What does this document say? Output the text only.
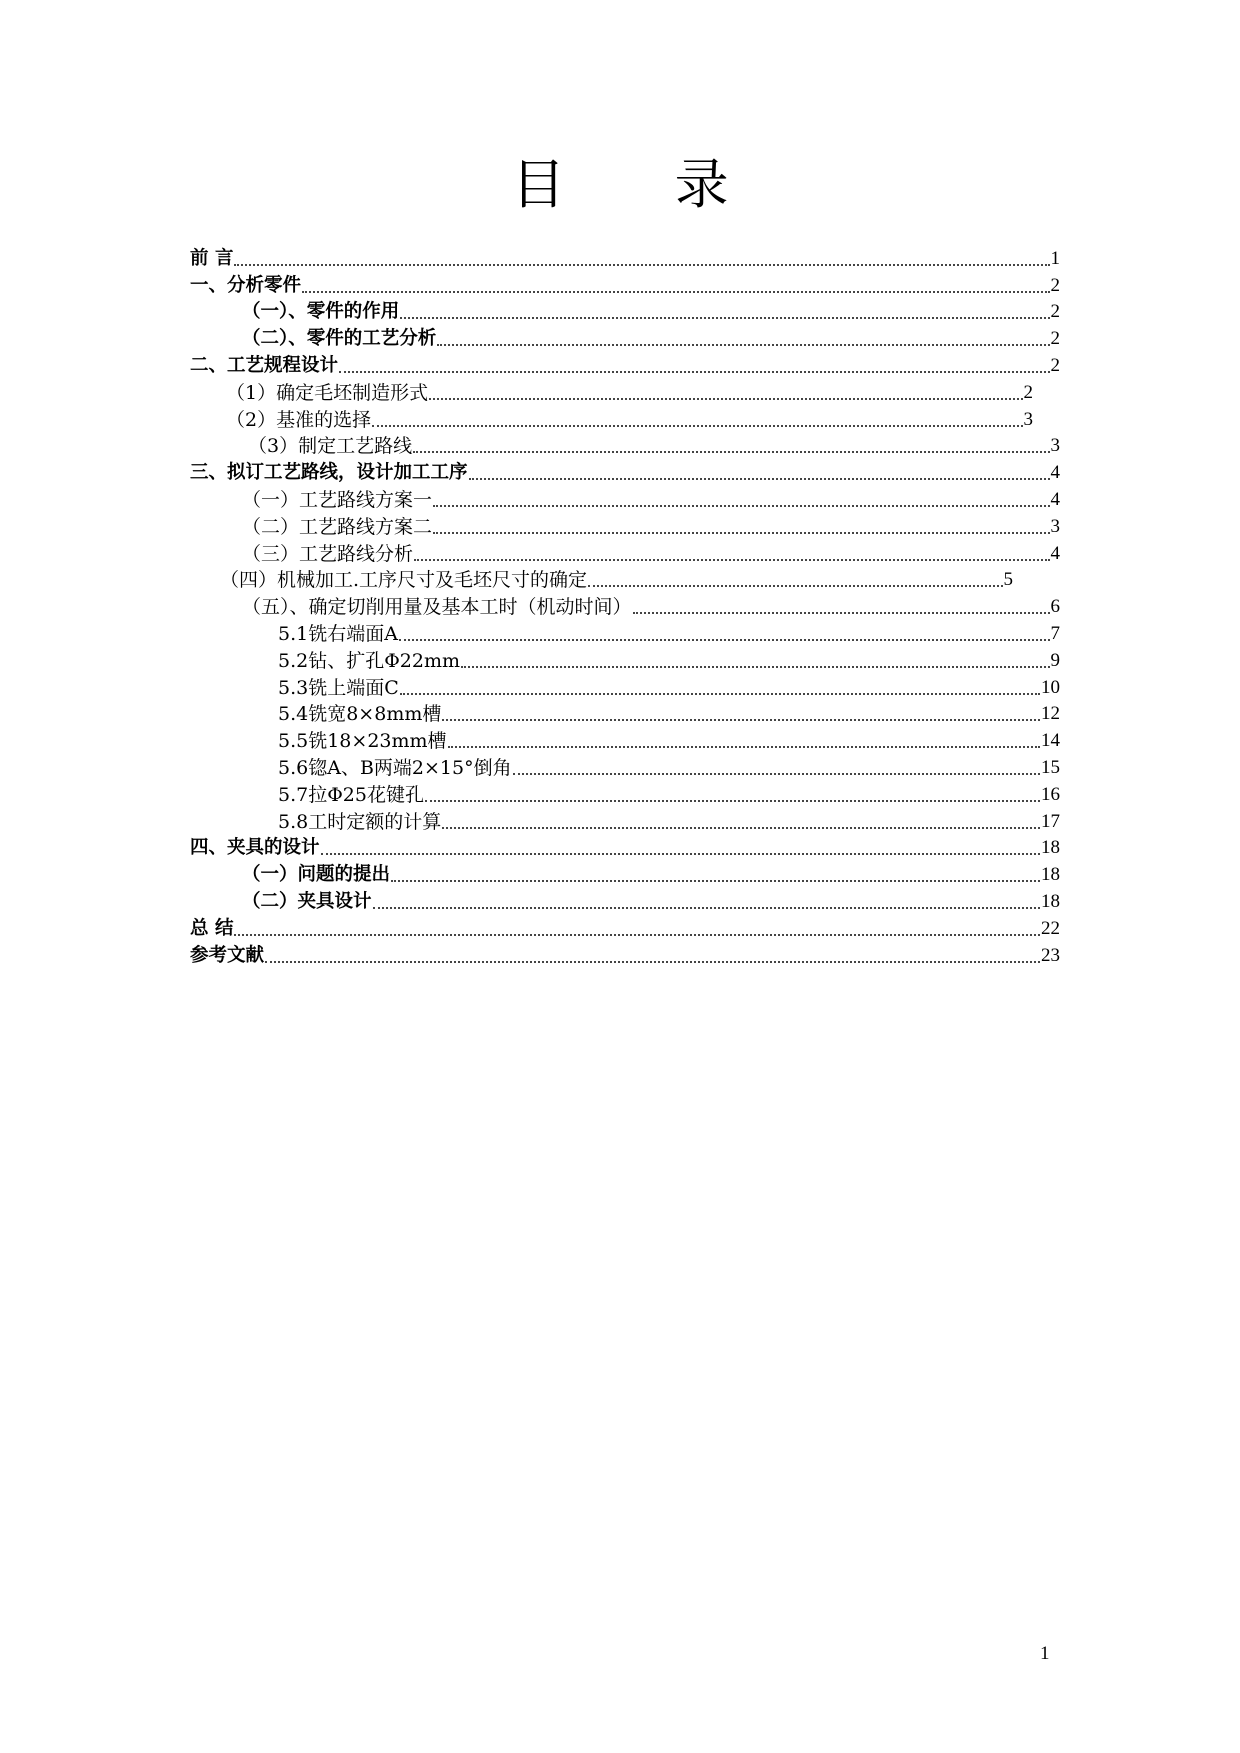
目 录
前 言	1
一、分析零件	2
（一）、零件的作用	2
（二）、零件的工艺分析	2
二、工艺规程设计	2
（1）确定毛坯制造形式	2
（2）基准的选择	3
（3）制定工艺路线	3
三、拟订工艺路线，设计加工工序	4
（一）工艺路线方案一	4
（二）工艺路线方案二	3
（三）工艺路线分析	4
（四）机械加工.工序尺寸及毛坯尺寸的确定	5
（五）、确定切削用量及基本工时（机动时间）	6
5.1铣右端面A	7
5.2钻、扩孔Φ22mm	9
5.3铣上端面C	10
5.4铣宽8×8mm槽	12
5.5铣18×23mm槽	14
5.6锪A、B两端2×15°倒角	15
5.7拉Φ25花键孔	16
5.8工时定额的计算	17
四、夹具的设计	18
（一）问题的提出	18
（二）夹具设计	18
总 结	22
参考文献	23
1
